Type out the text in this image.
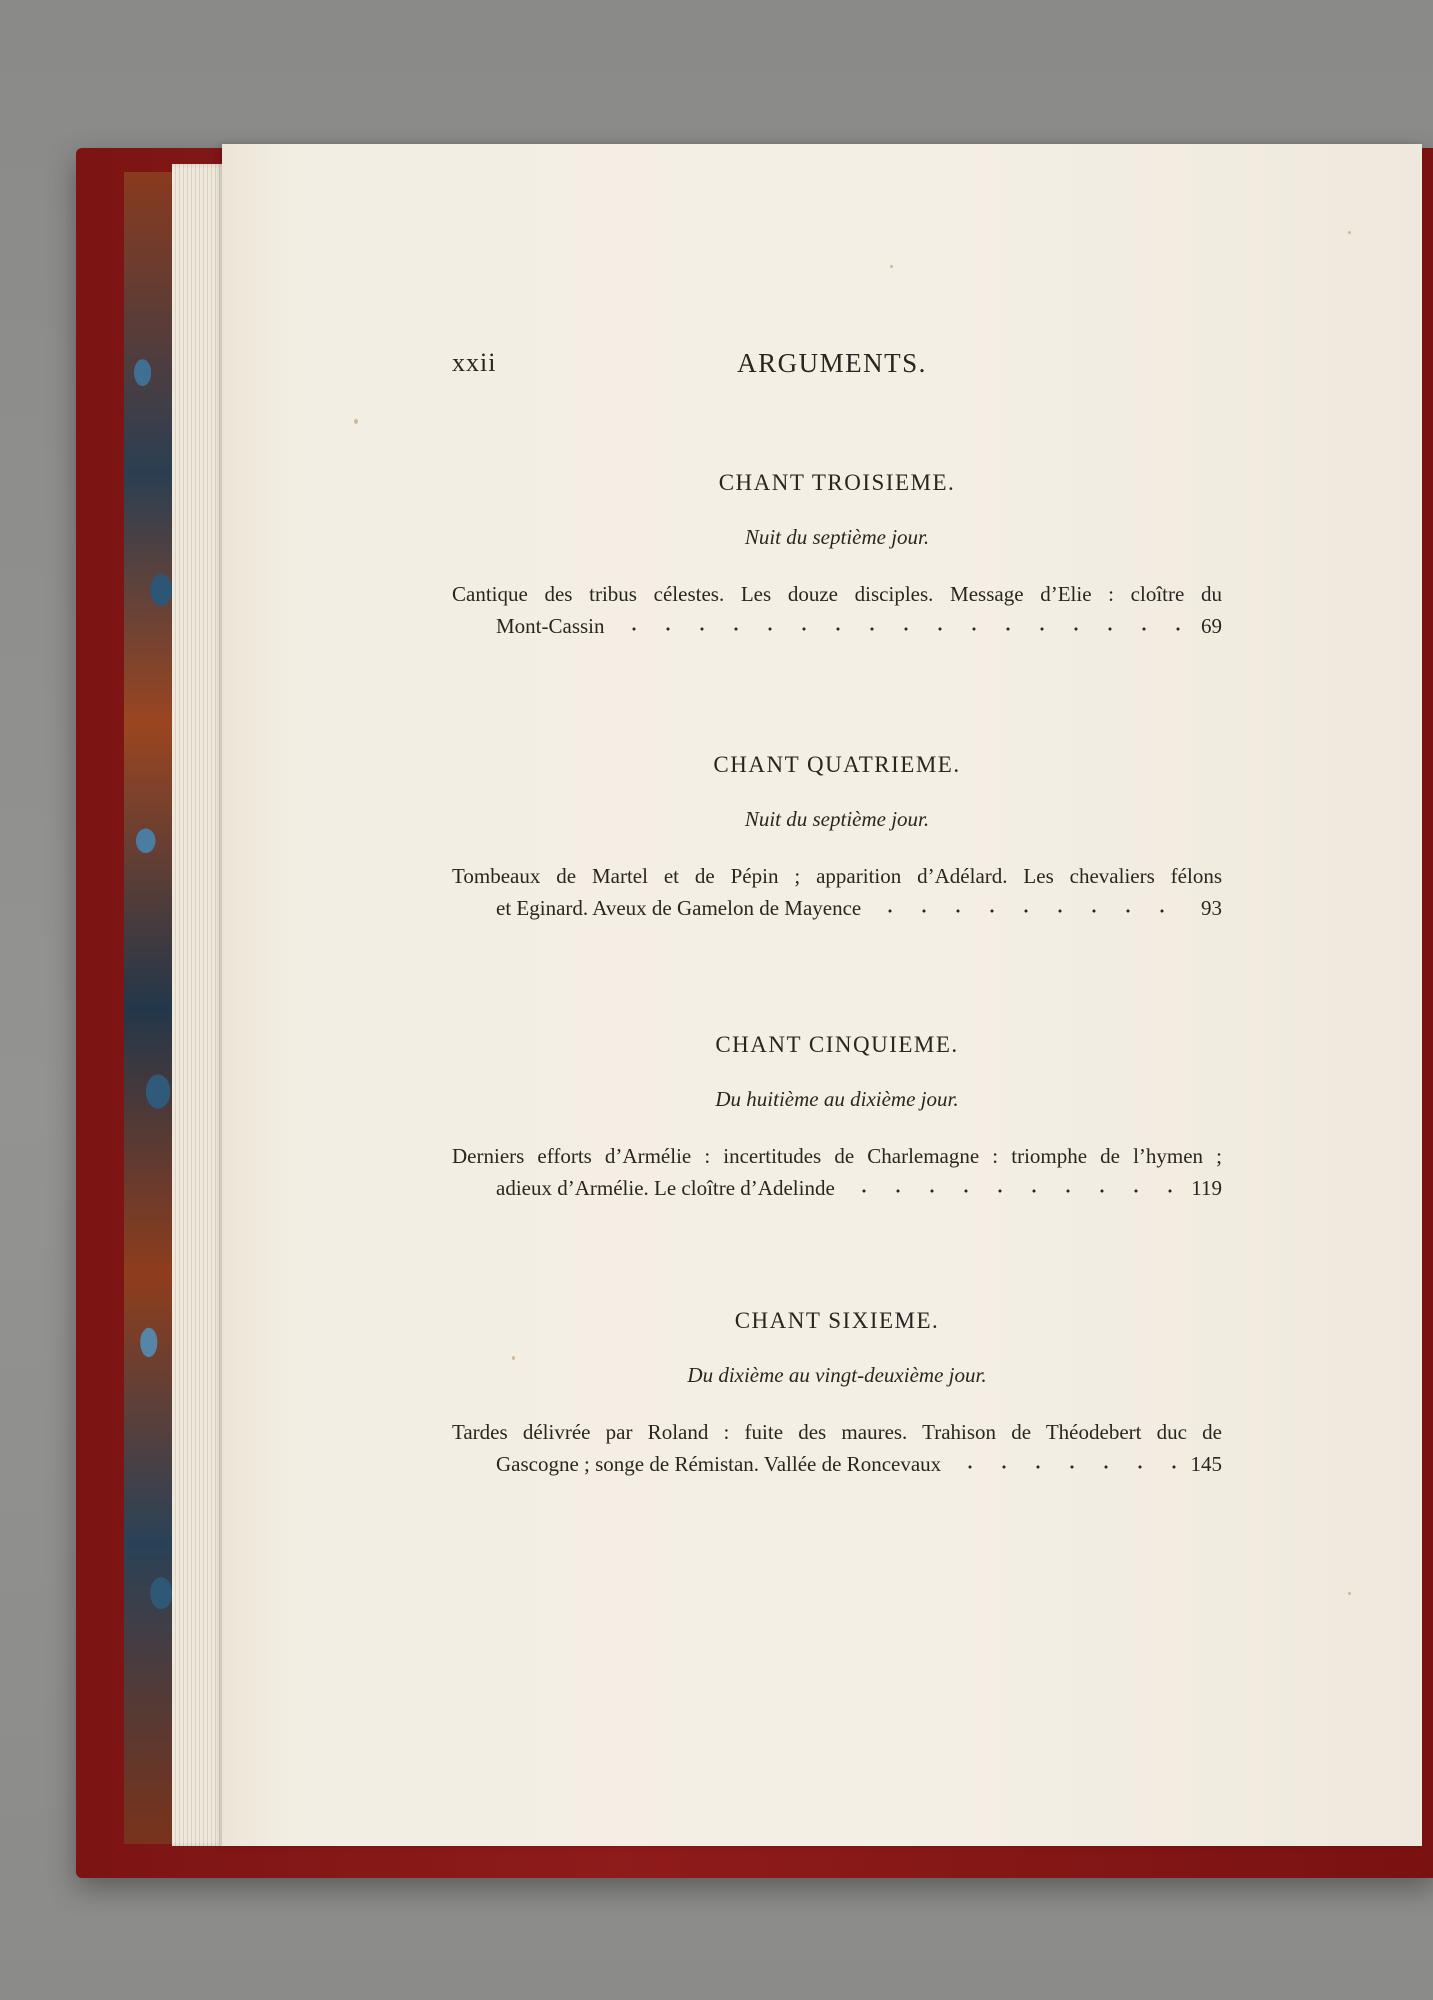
xxii	ARGUMENTS.
CHANT TROISIEME.
Nuit du septième jour.
Cantique des tribus célestes. Les douze disciples. Message d’Elie : cloître du
Mont-Cassin	69
CHANT QUATRIEME.
Nuit du septième jour.
Tombeaux de Martel et de Pépin ; apparition d’Adélard. Les chevaliers félons
et Eginard. Aveux de Gamelon de Mayence	93
CHANT CINQUIEME.
Du huitième au dixième jour.
Derniers efforts d’Armélie : incertitudes de Charlemagne : triomphe de l’hymen ;
adieux d’Armélie. Le cloître d’Adelinde	119
CHANT SIXIEME.
Du dixième au vingt-deuxième jour.
Tardes délivrée par Roland : fuite des maures. Trahison de Théodebert duc de
Gascogne ; songe de Rémistan. Vallée de Roncevaux	145
